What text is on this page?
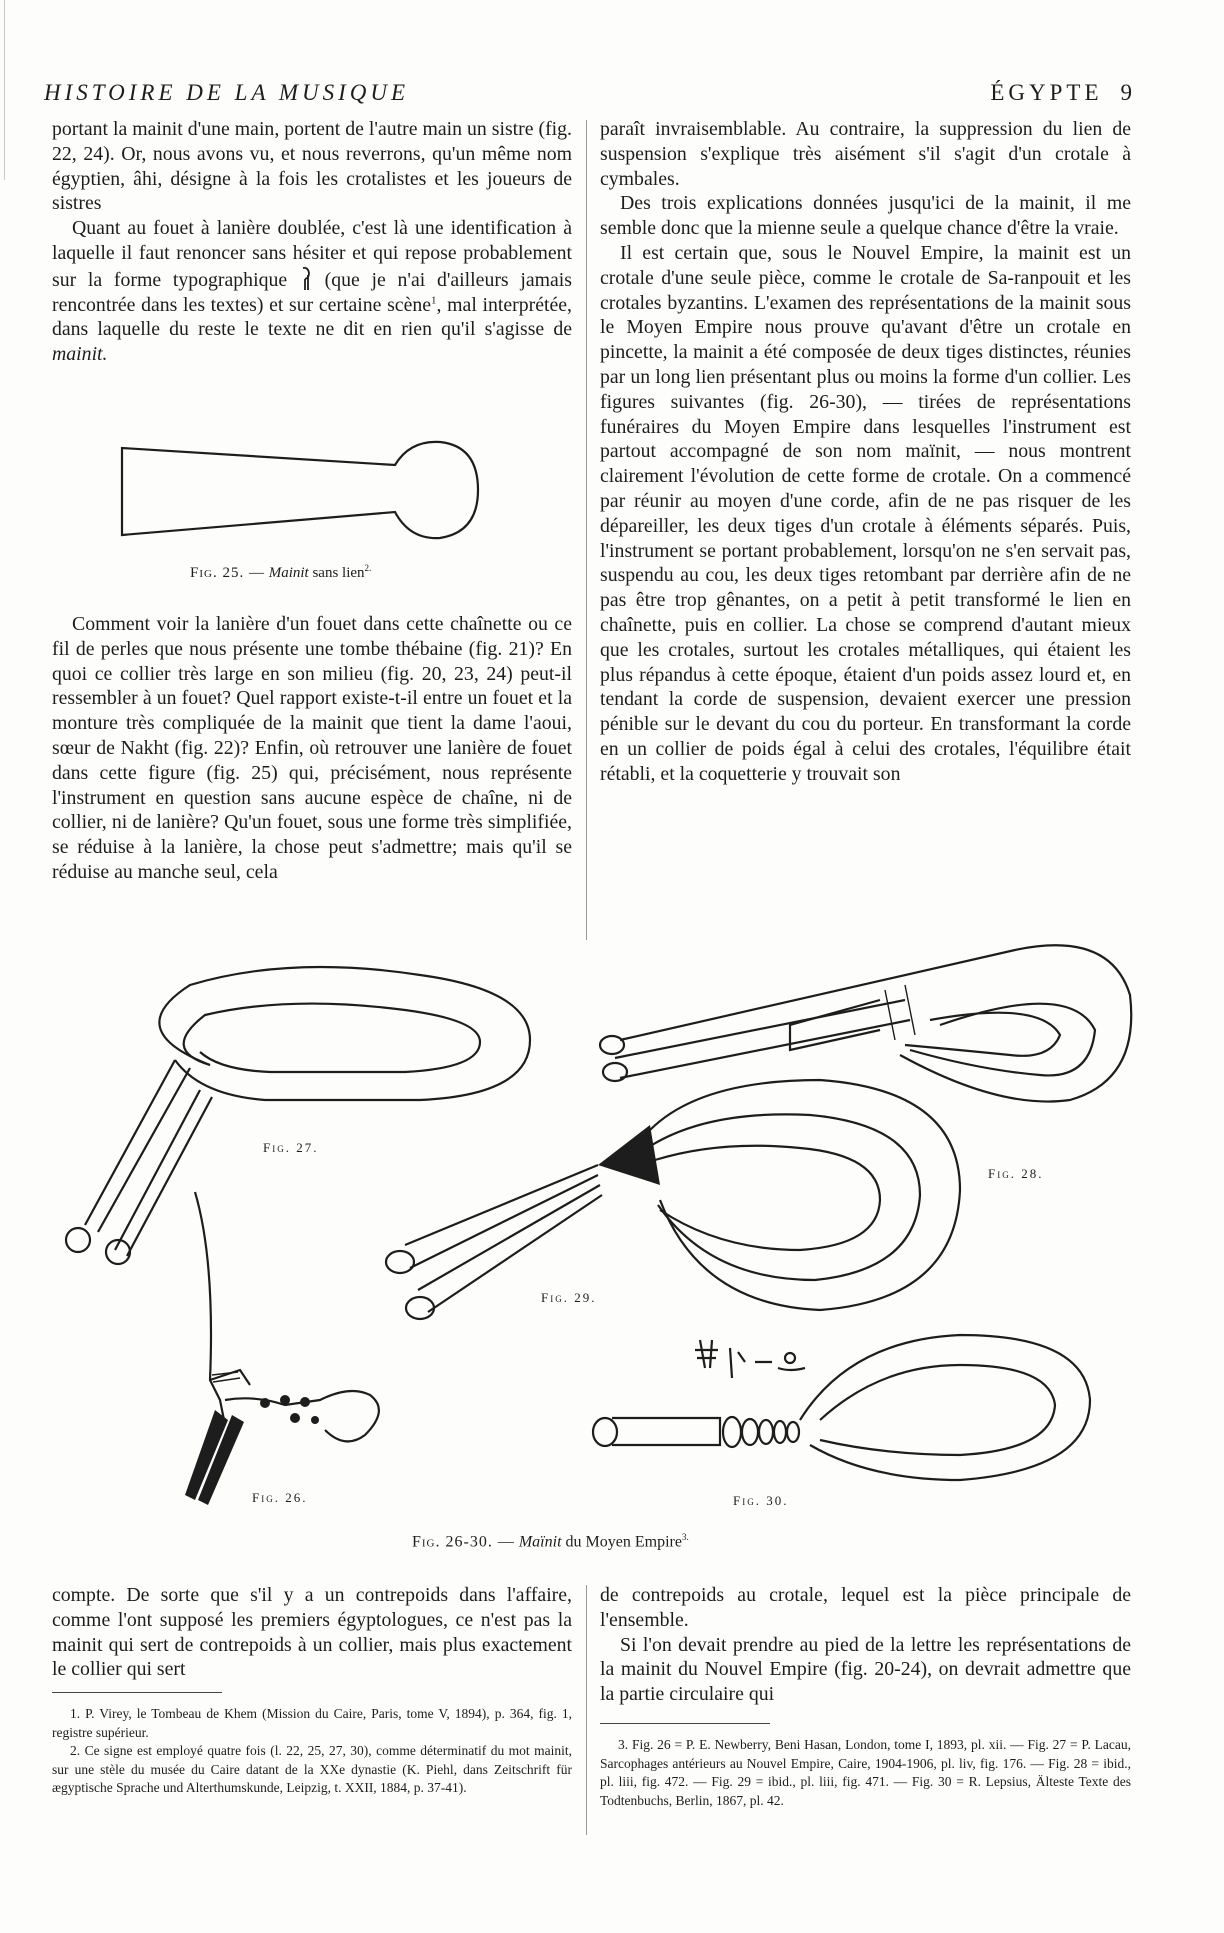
HISTOIRE DE LA MUSIQUE	ÉGYPTE 9

portant la mainit d'une main, portent de l'autre main un sistre (fig. 22, 24). Or, nous avons vu, et nous reverrons, qu'un même nom égyptien, âhi, désigne à la fois les crotalistes et les joueurs de sistres

Quant au fouet à lanière doublée, c'est là une identification à laquelle il faut renoncer sans hésiter et qui repose probablement sur la forme typographique (que je n'ai d'ailleurs jamais rencontrée dans les textes) et sur certaine scène$^1$, mal interprétée, dans laquelle du reste le texte ne dit en rien qu'il s'agisse de mainit.

Fig. 25. — Mainit sans lien$^{2.}$

Comment voir la lanière d'un fouet dans cette chaînette ou ce fil de perles que nous présente une tombe thébaine (fig. 21)? En quoi ce collier très large en son milieu (fig. 20, 23, 24) peut-il ressembler à un fouet? Quel rapport existe-t-il entre un fouet et la monture très compliquée de la mainit que tient la dame l'aoui, sœur de Nakht (fig. 22)? Enfin, où retrouver une lanière de fouet dans cette figure (fig. 25) qui, précisément, nous représente l'instrument en question sans aucune espèce de chaîne, ni de collier, ni de lanière? Qu'un fouet, sous une forme très simplifiée, se réduise à la lanière, la chose peut s'admettre; mais qu'il se réduise au manche seul, cela

paraît invraisemblable. Au contraire, la suppression du lien de suspension s'explique très aisément s'il s'agit d'un crotale à cymbales.

Des trois explications données jusqu'ici de la mainit, il me semble donc que la mienne seule a quelque chance d'être la vraie.

Il est certain que, sous le Nouvel Empire, la mainit est un crotale d'une seule pièce, comme le crotale de Sa-ranpouit et les crotales byzantins. L'examen des représentations de la mainit sous le Moyen Empire nous prouve qu'avant d'être un crotale en pincette, la mainit a été composée de deux tiges distinctes, réunies par un long lien présentant plus ou moins la forme d'un collier. Les figures suivantes (fig. 26-30), — tirées de représentations funéraires du Moyen Empire dans lesquelles l'instrument est partout accompagné de son nom maïnit, — nous montrent clairement l'évolution de cette forme de crotale. On a commencé par réunir au moyen d'une corde, afin de ne pas risquer de les dépareiller, les deux tiges d'un crotale à éléments séparés. Puis, l'instrument se portant probablement, lorsqu'on ne s'en servait pas, suspendu au cou, les deux tiges retombant par derrière afin de ne pas être trop gênantes, on a petit à petit transformé le lien en chaînette, puis en collier. La chose se comprend d'autant mieux que les crotales, surtout les crotales métalliques, qui étaient les plus répandus à cette époque, étaient d'un poids assez lourd et, en tendant la corde de suspension, devaient exercer une pression pénible sur le devant du cou du porteur. En transformant la corde en un collier de poids égal à celui des crotales, l'équilibre était rétabli, et la coquetterie y trouvait son

Fig. 27.
Fig. 28.
Fig. 29.
Fig. 26.	Fig. 30.
Fig. 26-30. — Maïnit du Moyen Empire$^{3.}$

compte. De sorte que s'il y a un contrepoids dans l'affaire, comme l'ont supposé les premiers égyptologues, ce n'est pas la mainit qui sert de contrepoids à un collier, mais plus exactement le collier qui sert

de contrepoids au crotale, lequel est la pièce principale de l'ensemble.

Si l'on devait prendre au pied de la lettre les représentations de la mainit du Nouvel Empire (fig. 20-24), on devrait admettre que la partie circulaire qui

1. P. Virey, le Tombeau de Khem (Mission du Caire, Paris, tome V, 1894), p. 364, fig. 1, registre supérieur.

2. Ce signe est employé quatre fois (l. 22, 25, 27, 30), comme déterminatif du mot mainit, sur une stèle du musée du Caire datant de la XXe dynastie (K. Piehl, dans Zeitschrift für ægyptische Sprache und Alterthumskunde, Leipzig, t. XXII, 1884, p. 37-41).

3. Fig. 26 = P. E. Newberry, Beni Hasan, London, tome I, 1893, pl. xii. — Fig. 27 = P. Lacau, Sarcophages antérieurs au Nouvel Empire, Caire, 1904-1906, pl. liv, fig. 176. — Fig. 28 = ibid., pl. liii, fig. 472. — Fig. 29 = ibid., pl. liii, fig. 471. — Fig. 30 = R. Lepsius, Älteste Texte des Todtenbuchs, Berlin, 1867, pl. 42.
